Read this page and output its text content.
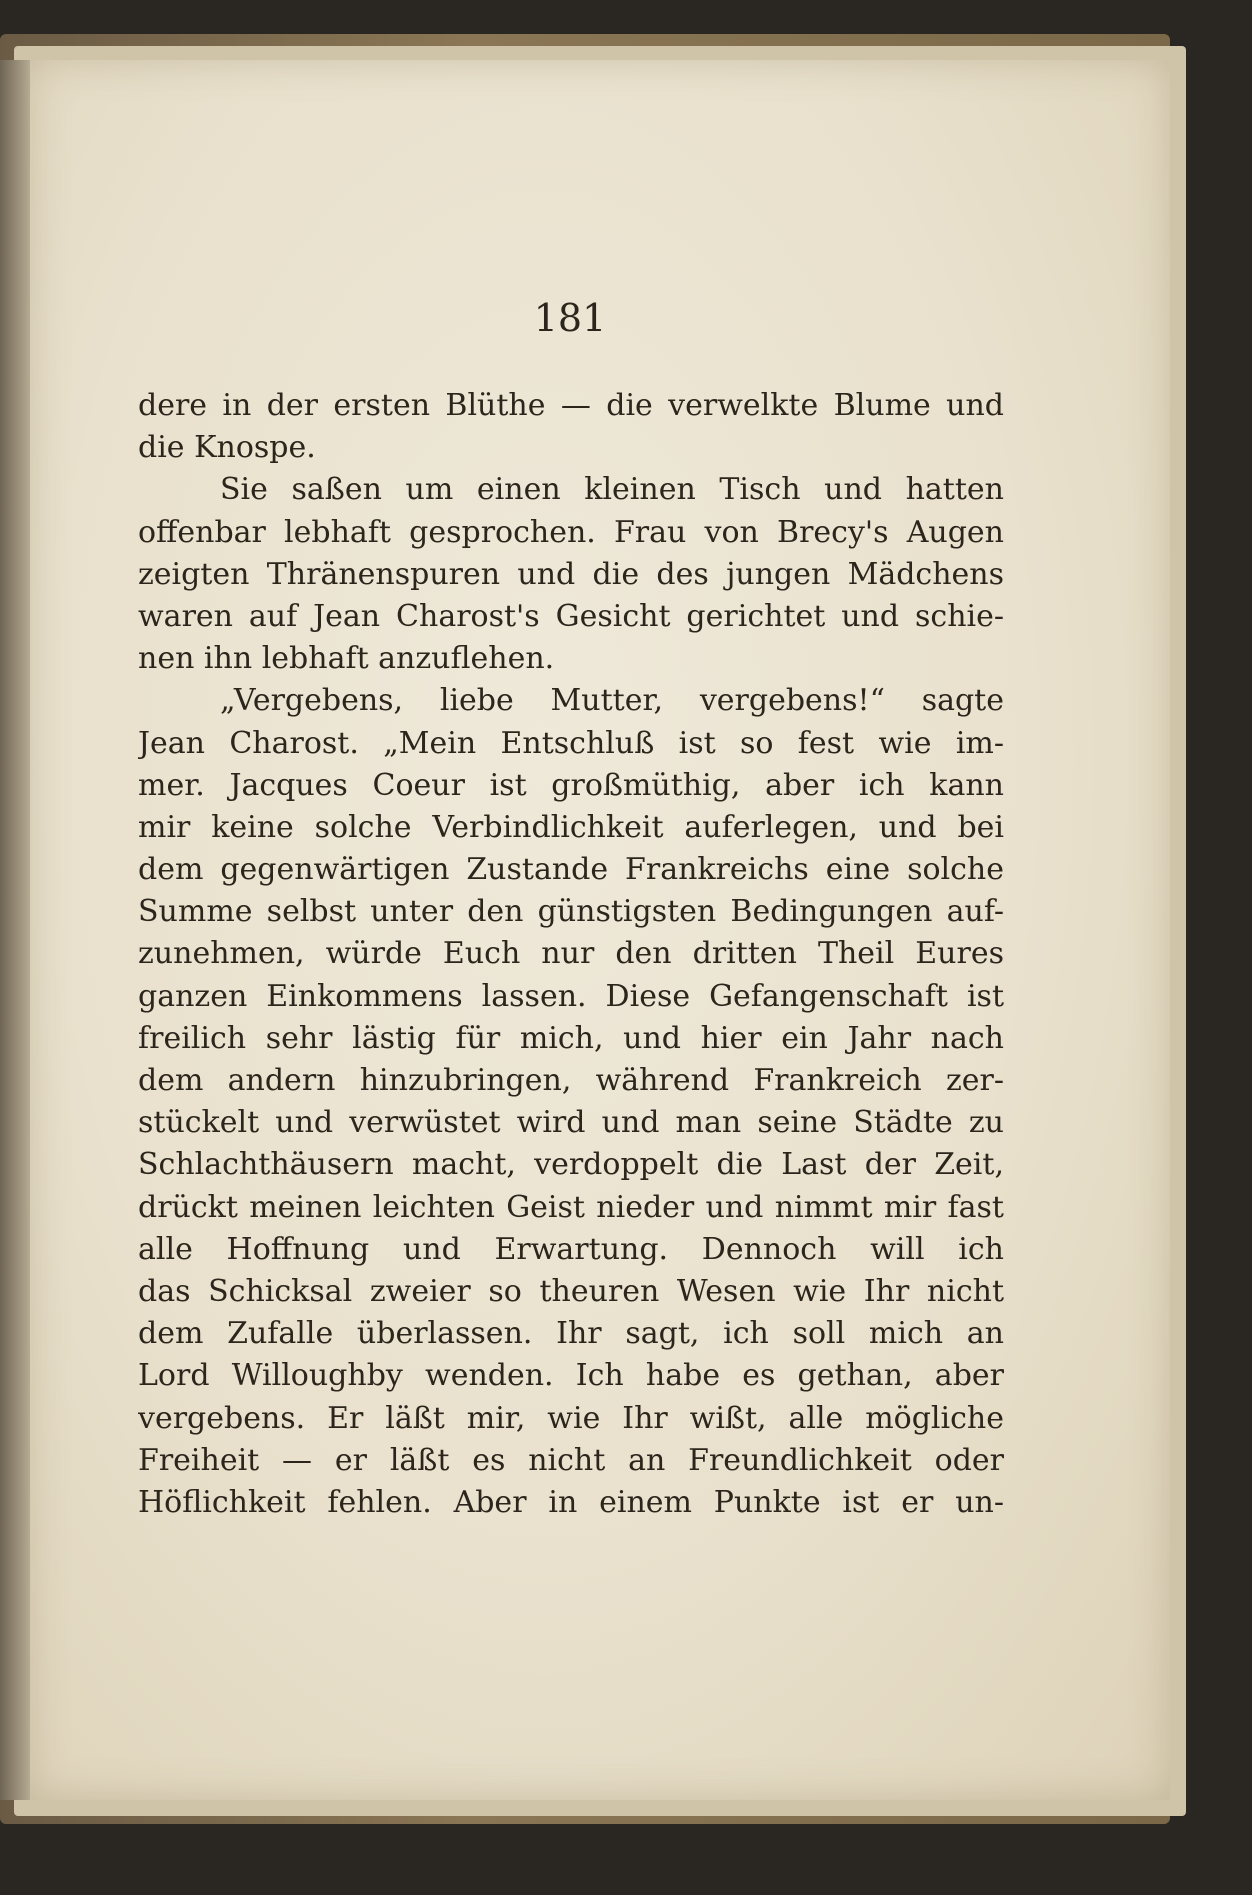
181
dere in der ersten Blüthe — die verwelkte Blume und
die Knospe.
Sie saßen um einen kleinen Tisch und hatten
offenbar lebhaft gesprochen. Frau von Brecy's Augen
zeigten Thränenspuren und die des jungen Mädchens
waren auf Jean Charost's Gesicht gerichtet und schie-
nen ihn lebhaft anzuflehen.
„Vergebens, liebe Mutter, vergebens!“ sagte
Jean Charost. „Mein Entschluß ist so fest wie im-
mer. Jacques Coeur ist großmüthig, aber ich kann
mir keine solche Verbindlichkeit auferlegen, und bei
dem gegenwärtigen Zustande Frankreichs eine solche
Summe selbst unter den günstigsten Bedingungen auf-
zunehmen, würde Euch nur den dritten Theil Eures
ganzen Einkommens lassen. Diese Gefangenschaft ist
freilich sehr lästig für mich, und hier ein Jahr nach
dem andern hinzubringen, während Frankreich zer-
stückelt und verwüstet wird und man seine Städte zu
Schlachthäusern macht, verdoppelt die Last der Zeit,
drückt meinen leichten Geist nieder und nimmt mir fast
alle Hoffnung und Erwartung. Dennoch will ich
das Schicksal zweier so theuren Wesen wie Ihr nicht
dem Zufalle überlassen. Ihr sagt, ich soll mich an
Lord Willoughby wenden. Ich habe es gethan, aber
vergebens. Er läßt mir, wie Ihr wißt, alle mögliche
Freiheit — er läßt es nicht an Freundlichkeit oder
Höflichkeit fehlen. Aber in einem Punkte ist er un-
